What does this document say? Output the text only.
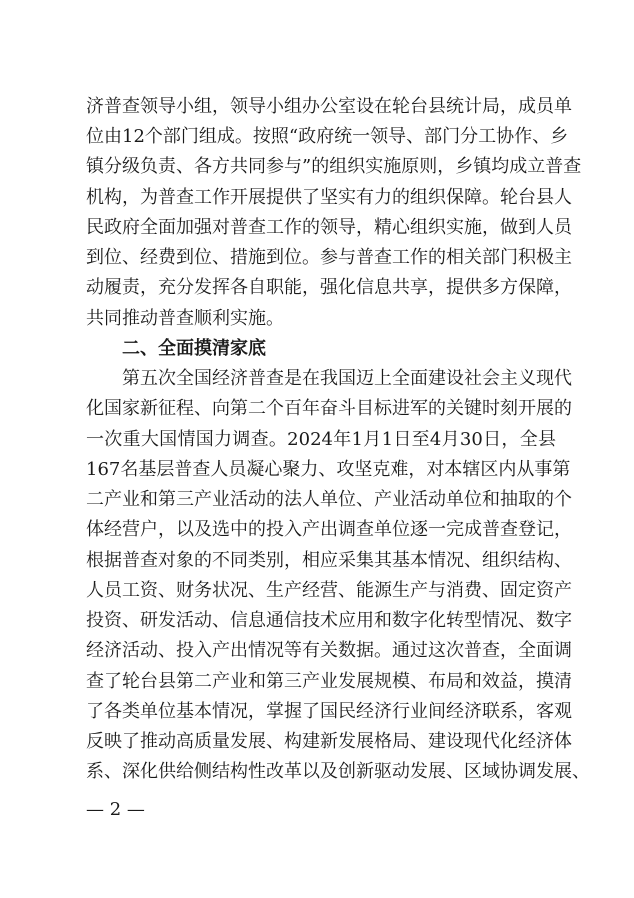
济普查领导小组，领导小组办公室设在轮台县统计局，成员单
位由12个部门组成。按照“政府统一领导、部门分工协作、乡
镇分级负责、各方共同参与”的组织实施原则，乡镇均成立普查
机构，为普查工作开展提供了坚实有力的组织保障。轮台县人
民政府全面加强对普查工作的领导，精心组织实施，做到人员
到位、经费到位、措施到位。参与普查工作的相关部门积极主
动履责，充分发挥各自职能，强化信息共享，提供多方保障，
共同推动普查顺利实施。
二、全面摸清家底
第五次全国经济普查是在我国迈上全面建设社会主义现代
化国家新征程、向第二个百年奋斗目标进军的关键时刻开展的
一次重大国情国力调查。2024年1月1日至4月30日，全县
167名基层普查人员凝心聚力、攻坚克难，对本辖区内从事第
二产业和第三产业活动的法人单位、产业活动单位和抽取的个
体经营户，以及选中的投入产出调查单位逐一完成普查登记，
根据普查对象的不同类别，相应采集其基本情况、组织结构、
人员工资、财务状况、生产经营、能源生产与消费、固定资产
投资、研发活动、信息通信技术应用和数字化转型情况、数字
经济活动、投入产出情况等有关数据。通过这次普查，全面调
查了轮台县第二产业和第三产业发展规模、布局和效益，摸清
了各类单位基本情况，掌握了国民经济行业间经济联系，客观
反映了推动高质量发展、构建新发展格局、建设现代化经济体
系、深化供给侧结构性改革以及创新驱动发展、区域协调发展、
— 2 —
